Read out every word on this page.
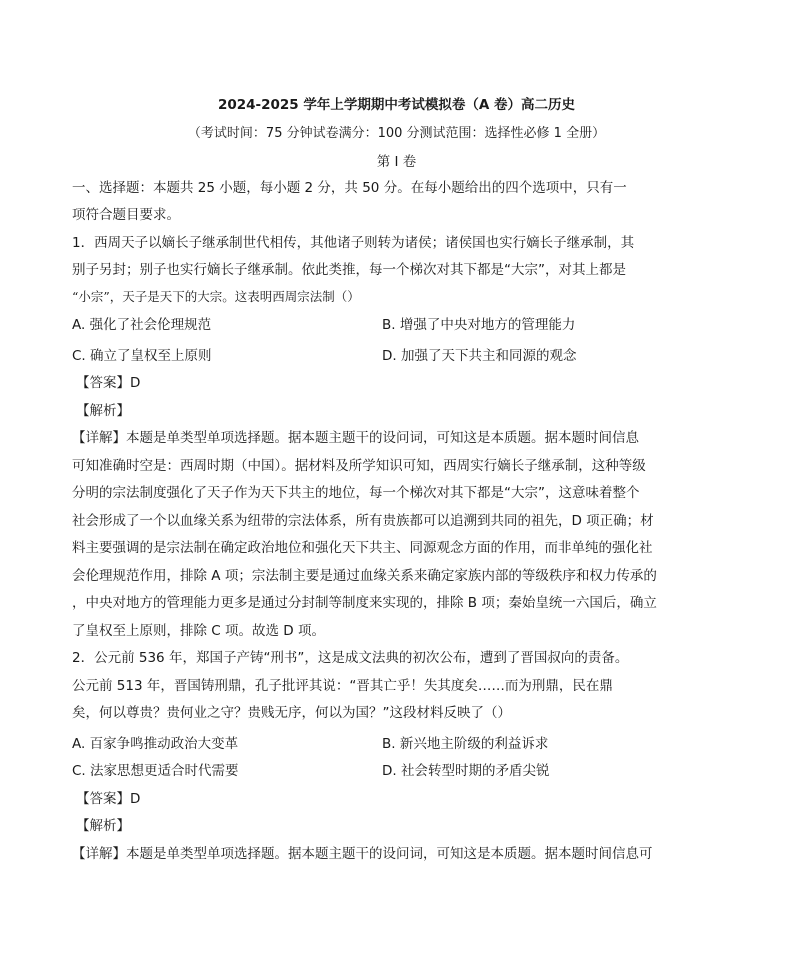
2024-2025 学年上学期期中考试模拟卷（A 卷）高二历史
（考试时间：75 分钟试卷满分：100 分测试范围：选择性必修 1 全册）
第 I 卷
一、选择题：本题共 25 小题，每小题 2 分，共 50 分。在每小题给出的四个选项中，只有一
项符合题目要求。
1．西周天子以嫡长子继承制世代相传，其他诸子则转为诸侯；诸侯国也实行嫡长子继承制，其
别子另封；别子也实行嫡长子继承制。依此类推，每一个梯次对其下都是“大宗”，对其上都是
“小宗”，天子是天下的大宗。这表明西周宗法制（）
A. 强化了社会伦理规范	B. 增强了中央对地方的管理能力
C. 确立了皇权至上原则	D. 加强了天下共主和同源的观念
【答案】D
【解析】
【详解】本题是单类型单项选择题。据本题主题干的设问词，可知这是本质题。据本题时间信息
可知准确时空是：西周时期（中国）。据材料及所学知识可知，西周实行嫡长子继承制，这种等级
分明的宗法制度强化了天子作为天下共主的地位，每一个梯次对其下都是“大宗”，这意味着整个
社会形成了一个以血缘关系为纽带的宗法体系，所有贵族都可以追溯到共同的祖先，D 项正确；材
料主要强调的是宗法制在确定政治地位和强化天下共主、同源观念方面的作用，而非单纯的强化社
会伦理规范作用，排除 A 项；宗法制主要是通过血缘关系来确定家族内部的等级秩序和权力传承的
，中央对地方的管理能力更多是通过分封制等制度来实现的，排除 B 项；秦始皇统一六国后，确立
了皇权至上原则，排除 C 项。故选 D 项。
2．公元前 536 年，郑国子产铸“刑书”，这是成文法典的初次公布，遭到了晋国叔向的责备。
公元前 513 年，晋国铸刑鼎，孔子批评其说：“晋其亡乎！失其度矣……而为刑鼎，民在鼎
矣，何以尊贵？贵何业之守？贵贱无序，何以为国？”这段材料反映了（）
A. 百家争鸣推动政治大变革	B. 新兴地主阶级的利益诉求
C. 法家思想更适合时代需要	D. 社会转型时期的矛盾尖锐
【答案】D
【解析】
【详解】本题是单类型单项选择题。据本题主题干的设问词，可知这是本质题。据本题时间信息可
